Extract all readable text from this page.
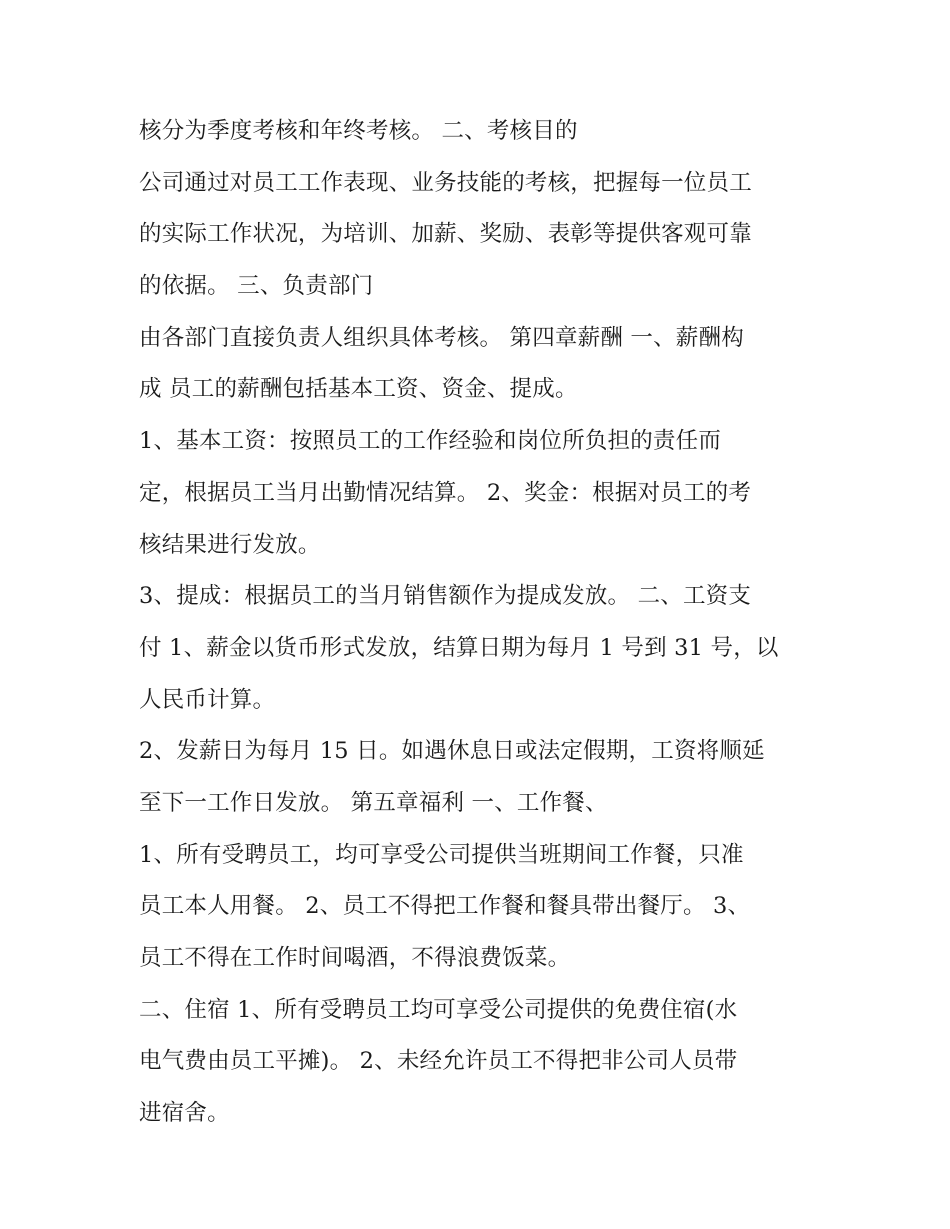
核分为季度考核和年终考核。 二、考核目的
公司通过对员工工作表现、业务技能的考核，把握每一位员工
的实际工作状况，为培训、加薪、奖励、表彰等提供客观可靠
的依据。 三、负责部门
由各部门直接负责人组织具体考核。 第四章薪酬 一、薪酬构
成 员工的薪酬包括基本工资、资金、提成。
1、基本工资：按照员工的工作经验和岗位所负担的责任而
定，根据员工当月出勤情况结算。 2、奖金：根据对员工的考
核结果进行发放。
3、提成：根据员工的当月销售额作为提成发放。 二、工资支
付 1、薪金以货币形式发放，结算日期为每月 1 号到 31 号，以
人民币计算。
2、发薪日为每月 15 日。如遇休息日或法定假期，工资将顺延
至下一工作日发放。 第五章福利 一、工作餐、
1、所有受聘员工，均可享受公司提供当班期间工作餐，只准
员工本人用餐。 2、员工不得把工作餐和餐具带出餐厅。 3、
员工不得在工作时间喝酒，不得浪费饭菜。
二、住宿 1、所有受聘员工均可享受公司提供的免费住宿(水
电气费由员工平摊)。 2、未经允许员工不得把非公司人员带
进宿舍。
